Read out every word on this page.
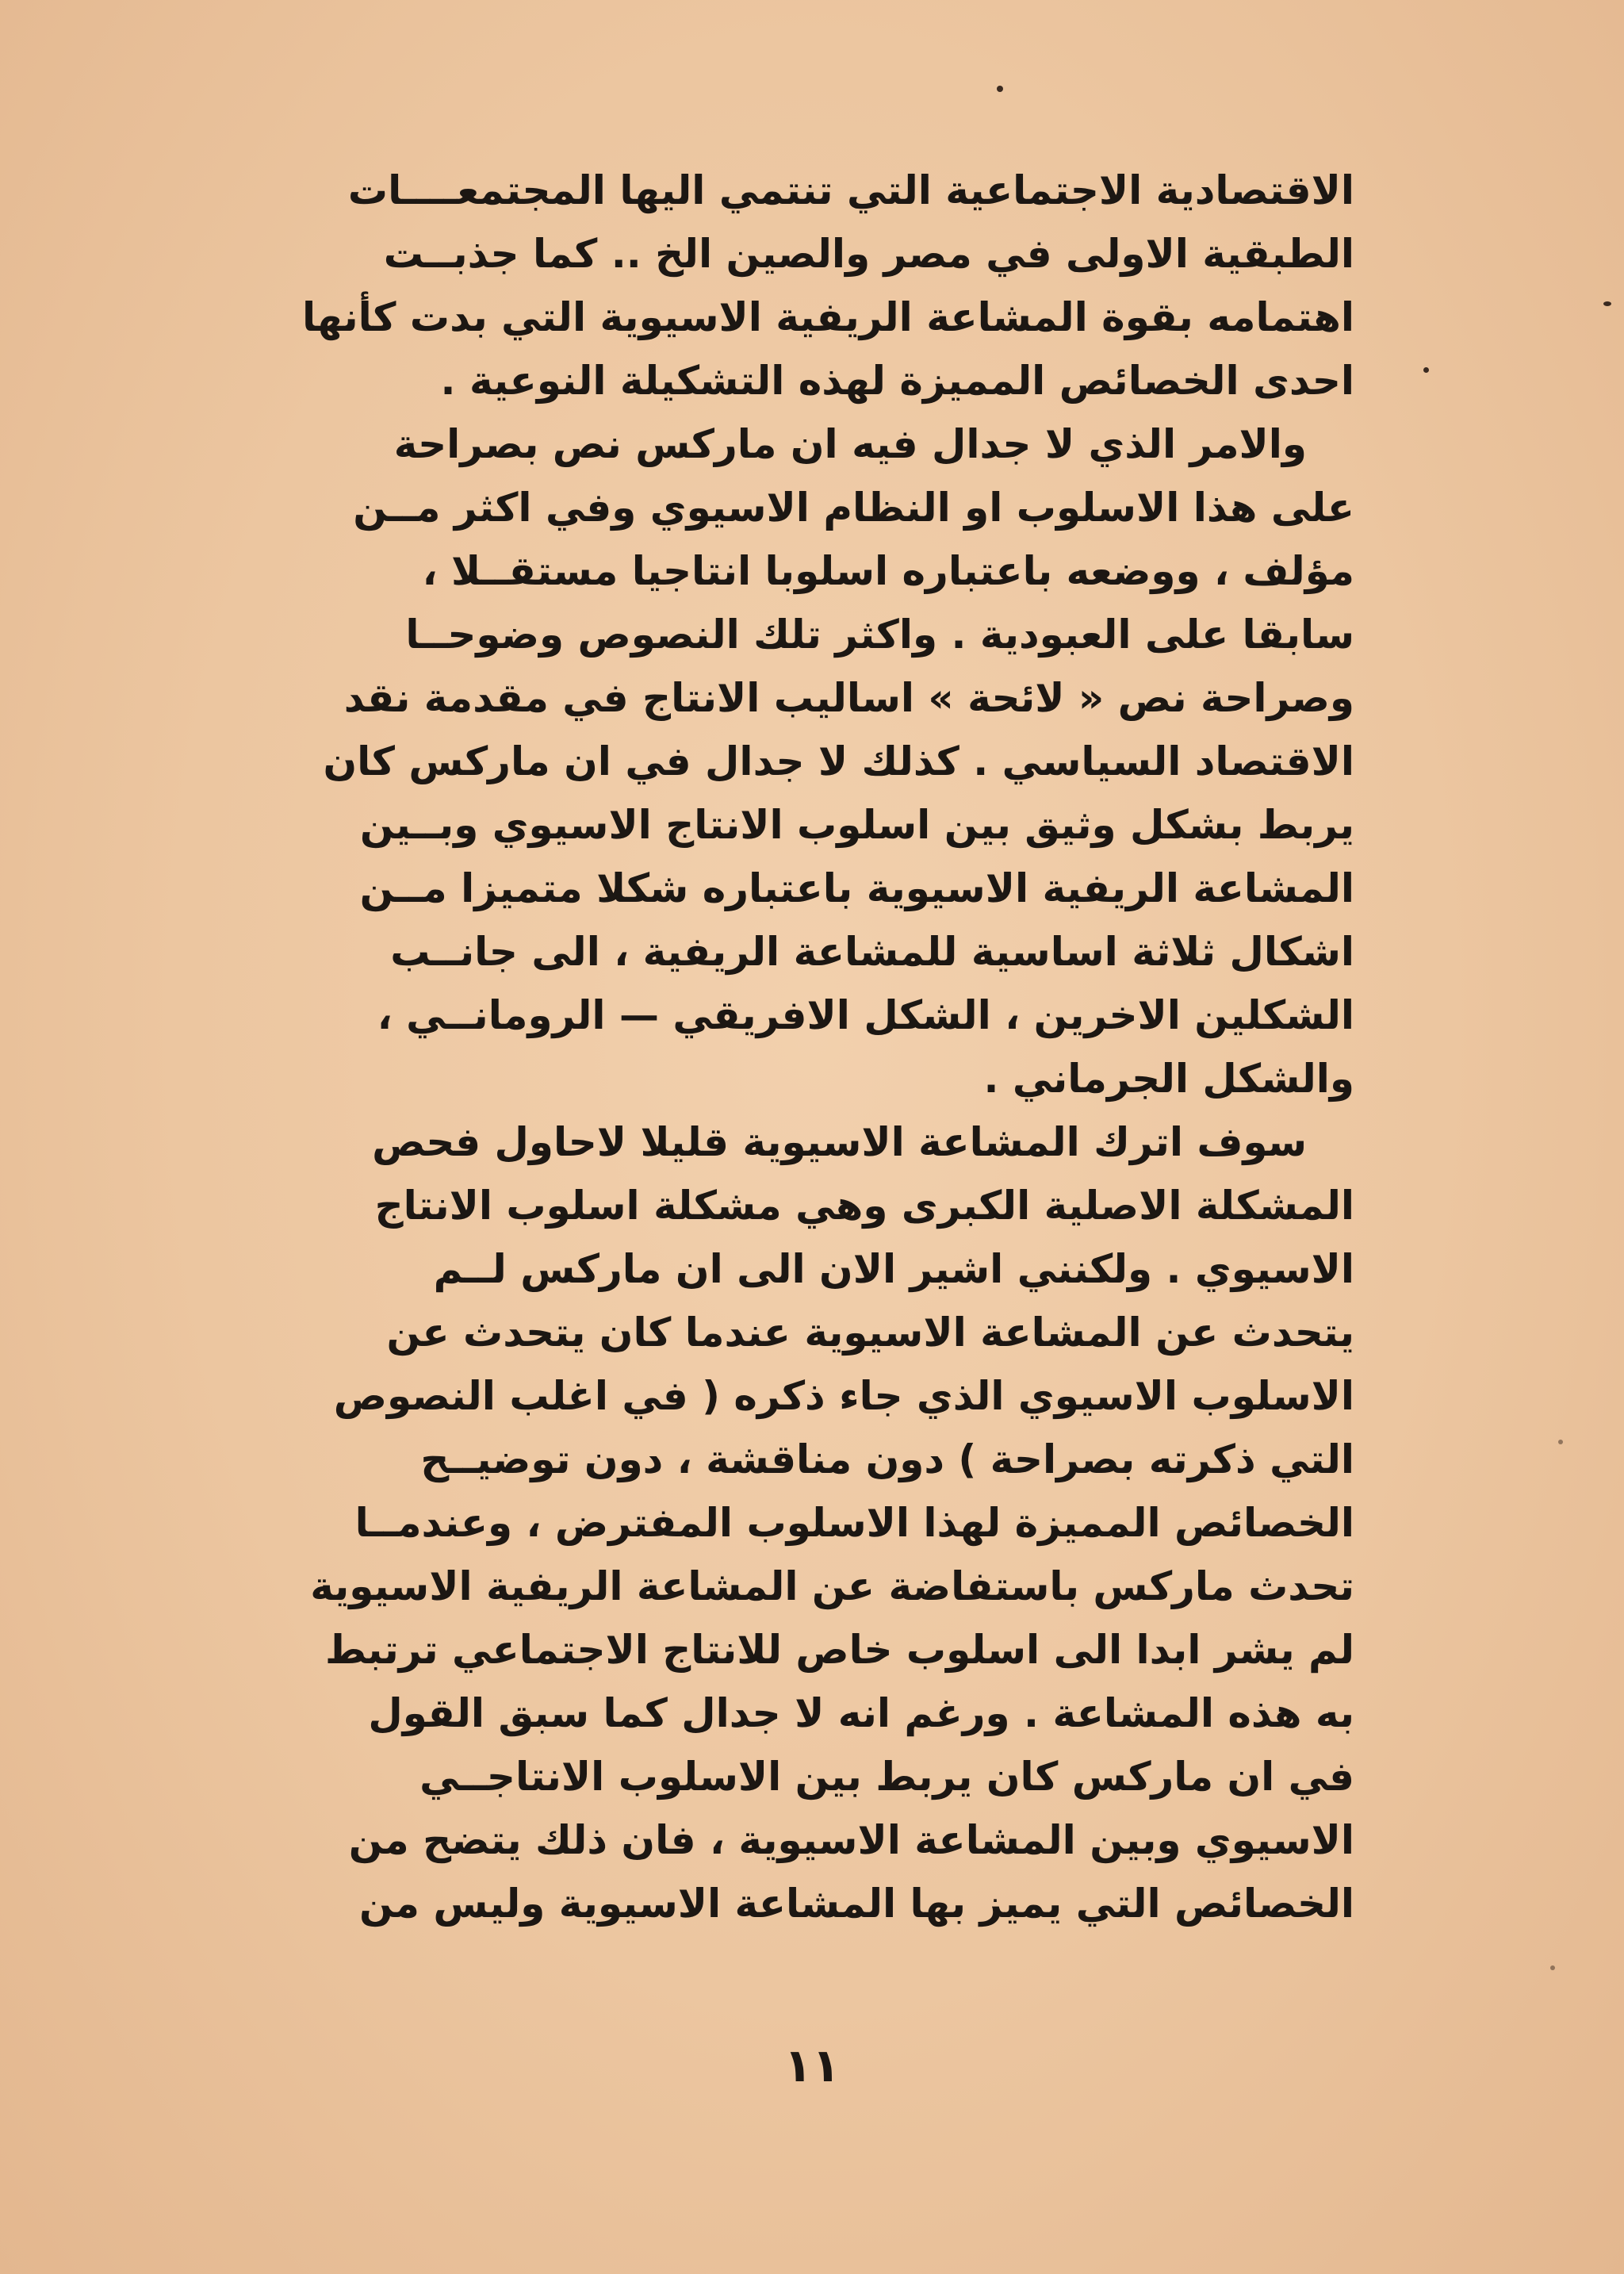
الاقتصادية الاجتماعية التي تنتمي اليها المجتمعــــات
الطبقية الاولى في مصر والصين الخ .. كما جذبــت
اهتمامه بقوة المشاعة الريفية الاسيوية التي بدت كأنها
احدى الخصائص المميزة لهذه التشكيلة النوعية .
والامر الذي لا جدال فيه ان ماركس نص بصراحة
على هذا الاسلوب او النظام الاسيوي وفي اكثر مــن
مؤلف ، ووضعه باعتباره اسلوبا انتاجيا مستقــلا ،
سابقا على العبودية . واكثر تلك النصوص وضوحــا
وصراحة نص « لائحة » اساليب الانتاج في مقدمة نقد
الاقتصاد السياسي . كذلك لا جدال في ان ماركس كان
يربط بشكل وثيق بين اسلوب الانتاج الاسيوي وبــين
المشاعة الريفية الاسيوية باعتباره شكلا متميزا مــن
اشكال ثلاثة اساسية للمشاعة الريفية ، الى جانــب
الشكلين الاخرين ، الشكل الافريقي — الرومانــي ،
والشكل الجرماني .
سوف اترك المشاعة الاسيوية قليلا لاحاول فحص
المشكلة الاصلية الكبرى وهي مشكلة اسلوب الانتاج
الاسيوي . ولكنني اشير الان الى ان ماركس لــم
يتحدث عن المشاعة الاسيوية عندما كان يتحدث عن
الاسلوب الاسيوي الذي جاء ذكره ( في اغلب النصوص
التي ذكرته بصراحة ) دون مناقشة ، دون توضيــح
الخصائص المميزة لهذا الاسلوب المفترض ، وعندمــا
تحدث ماركس باستفاضة عن المشاعة الريفية الاسيوية
لم يشر ابدا الى اسلوب خاص للانتاج الاجتماعي ترتبط
به هذه المشاعة . ورغم انه لا جدال كما سبق القول
في ان ماركس كان يربط بين الاسلوب الانتاجــي
الاسيوي وبين المشاعة الاسيوية ، فان ذلك يتضح من
الخصائص التي يميز بها المشاعة الاسيوية وليس من
١١
